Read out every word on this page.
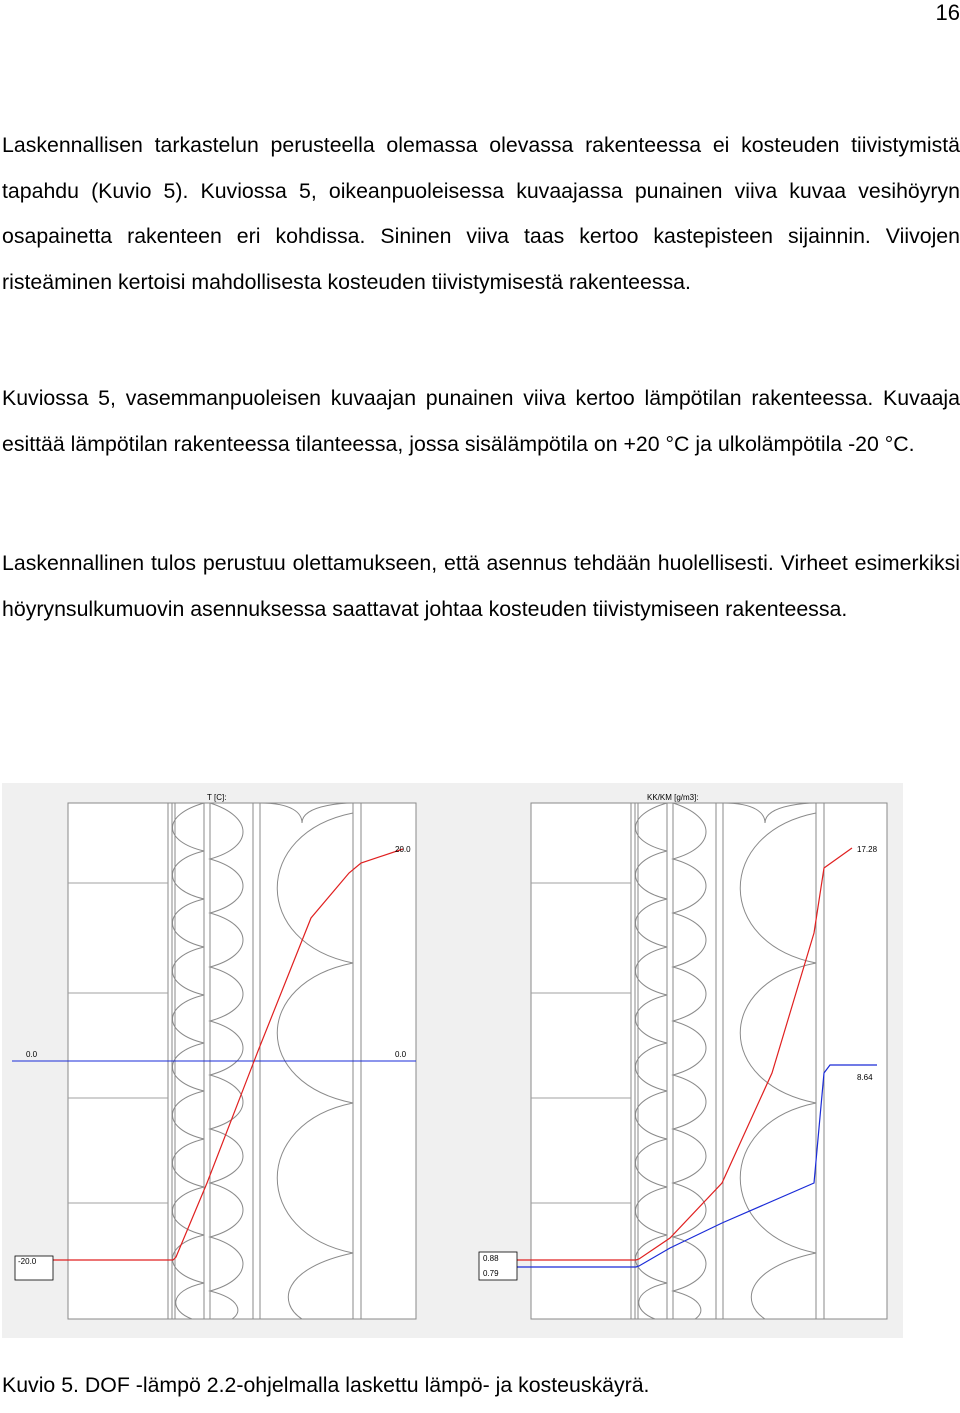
16

Laskennallisen tarkastelun perusteella olemassa olevassa rakenteessa ei kosteuden tiivistymistä tapahdu (Kuvio 5). Kuviossa 5, oikeanpuoleisessa kuvaajassa punainen viiva kuvaa vesihöyryn osapainetta rakenteen eri kohdissa. Sininen viiva taas kertoo kastepisteen sijainnin. Viivojen risteäminen kertoisi mahdollisesta kosteuden tiivistymisestä rakenteessa.

Kuviossa 5, vasemmanpuoleisen kuvaajan punainen viiva kertoo lämpötilan rakenteessa. Kuvaaja esittää lämpötilan rakenteessa tilanteessa, jossa sisälämpötila on +20 °C ja ulkolämpötila -20 °C.

Laskennallinen tulos perustuu olettamukseen, että asennus tehdään huolellisesti. Virheet esimerkiksi höyrynsulkumuovin asennuksessa saattavat johtaa kosteuden tiivistymiseen rakenteessa.

T [C]:
20.0
0.0	0.0
-20.0
KK/KM [g/m3]:
17.28
8.64
0.88
0.79
Kuvio 5. DOF -lämpö 2.2-ohjelmalla laskettu lämpö- ja kosteuskäyrä.
